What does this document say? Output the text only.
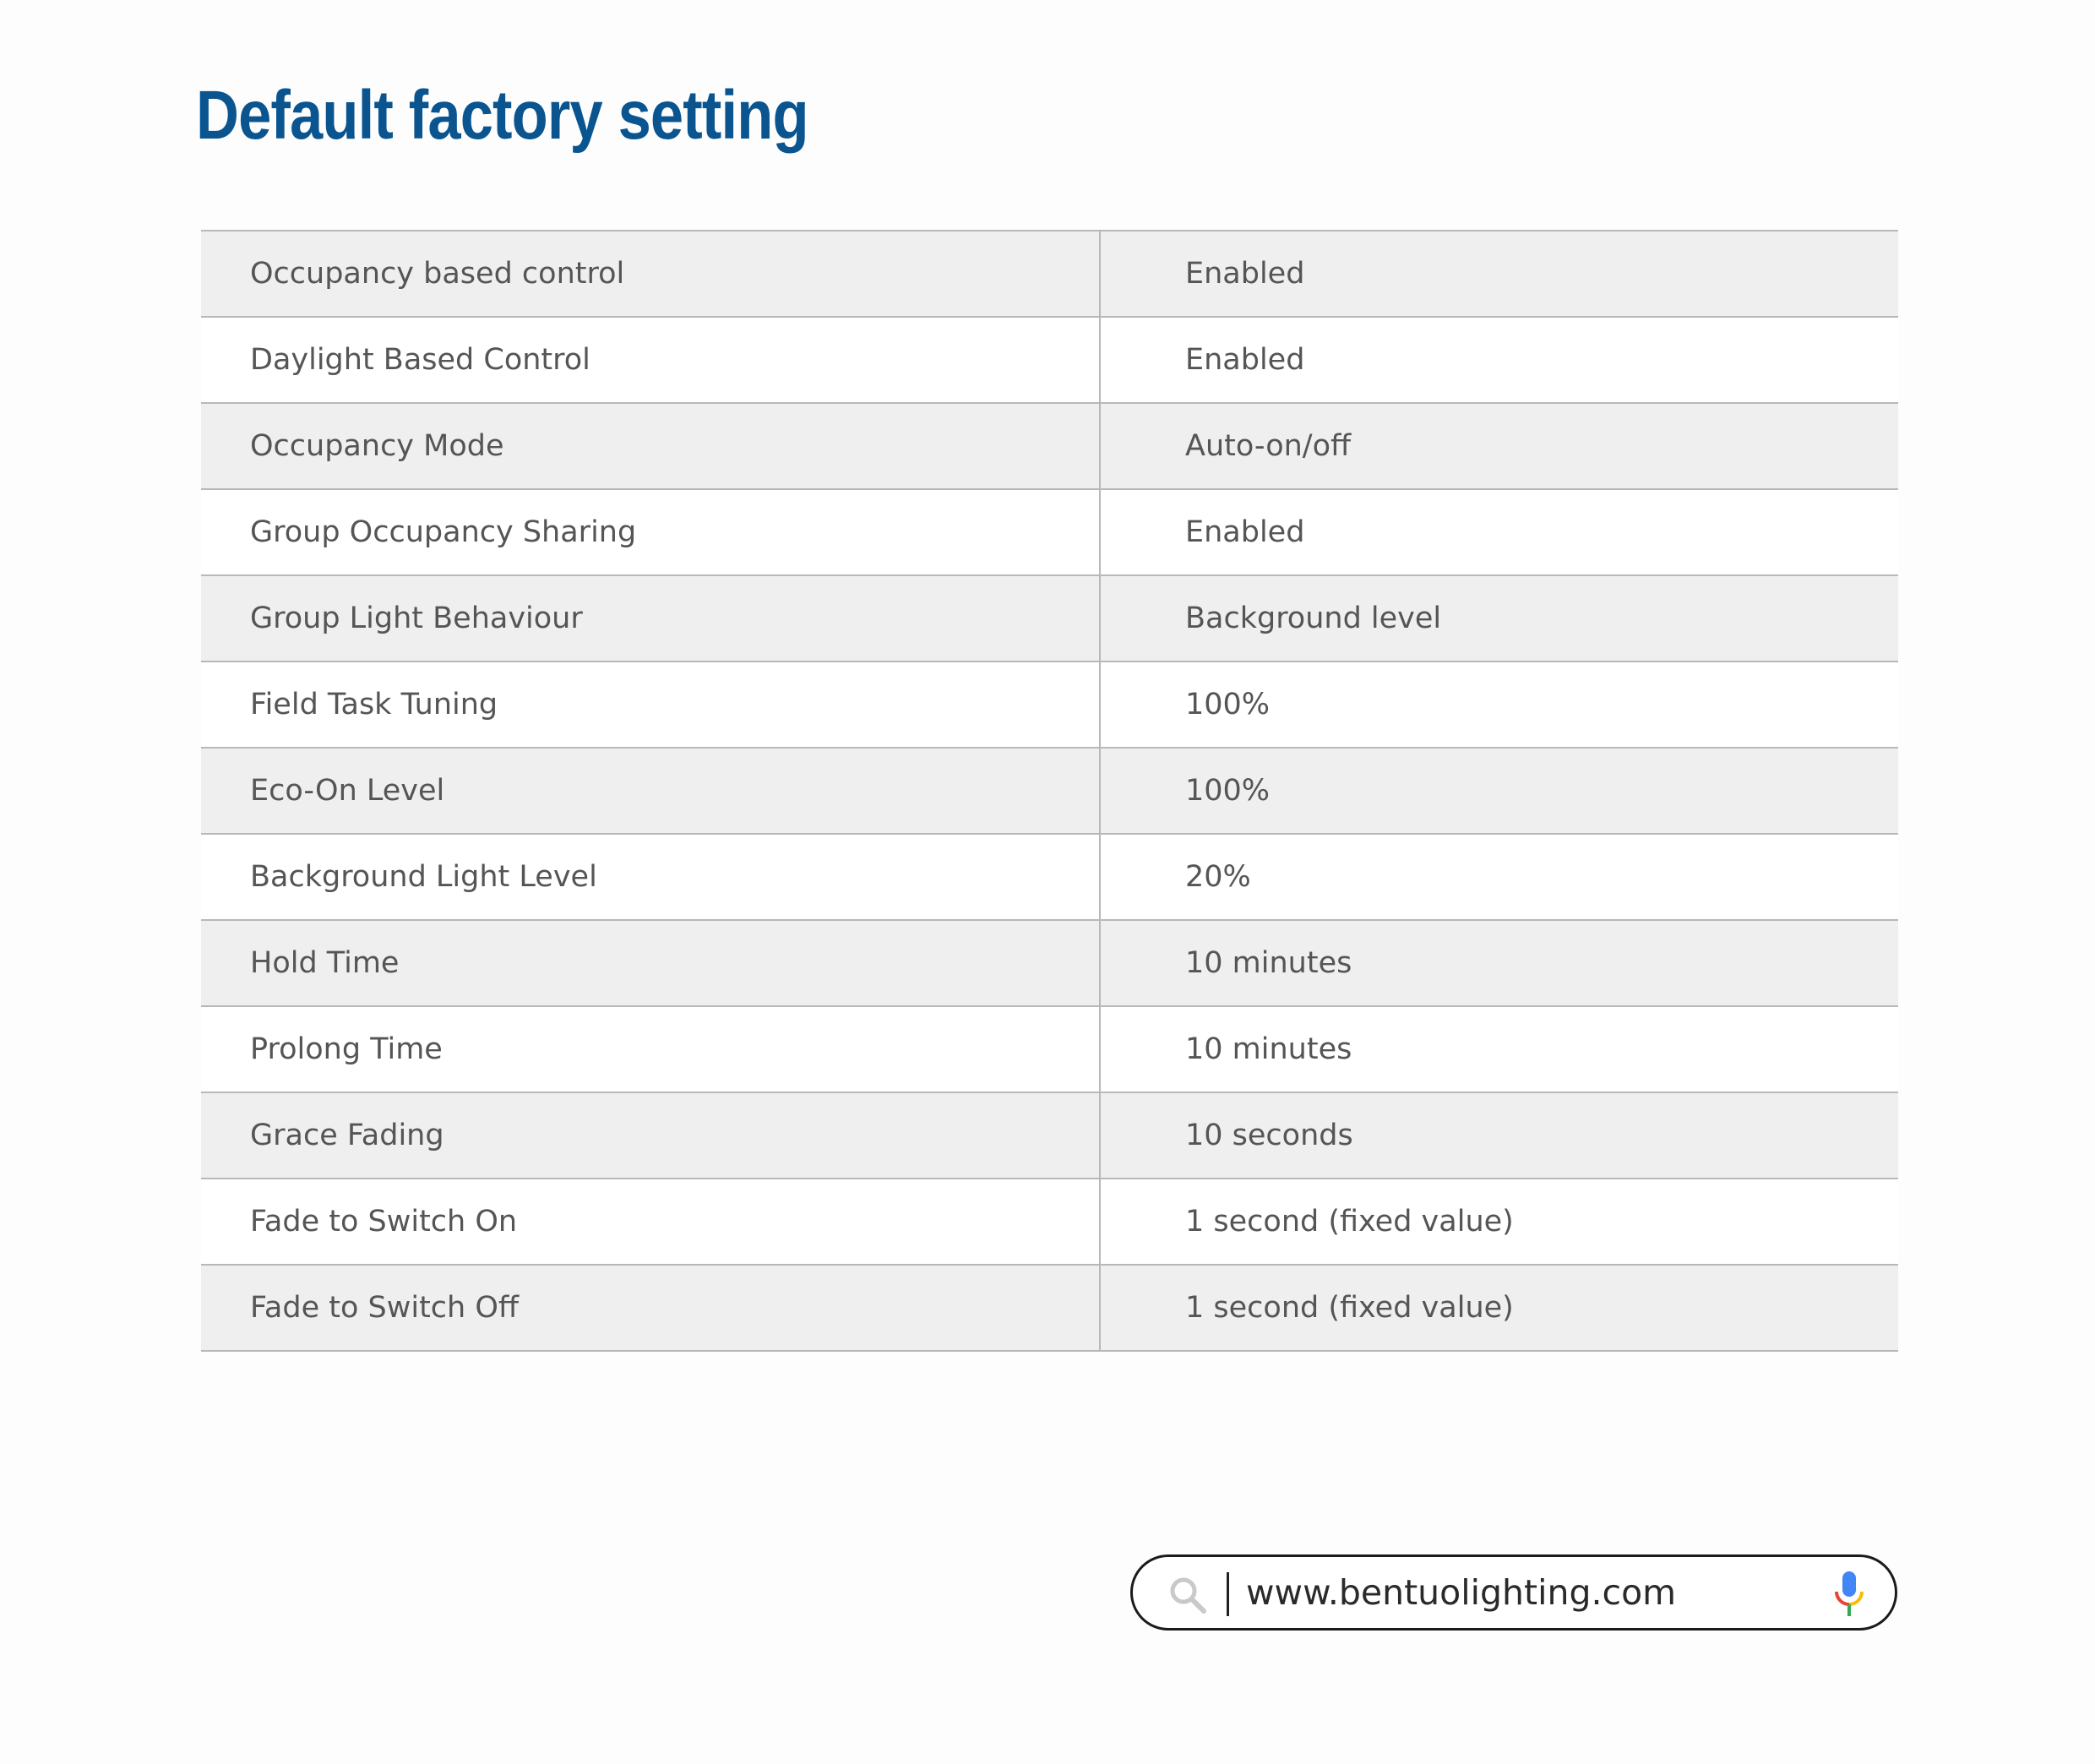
Default factory setting
Occupancy based control	Enabled
Daylight Based Control	Enabled
Occupancy Mode	Auto-on/off
Group Occupancy Sharing	Enabled
Group Light Behaviour	Background level
Field Task Tuning	100%
Eco-On Level	100%
Background Light Level	20%
Hold Time	10 minutes
Prolong Time	10 minutes
Grace Fading	10 seconds
Fade to Switch On	1 second (fixed value)
Fade to Switch Off	1 second (fixed value)
www.bentuolighting.com
